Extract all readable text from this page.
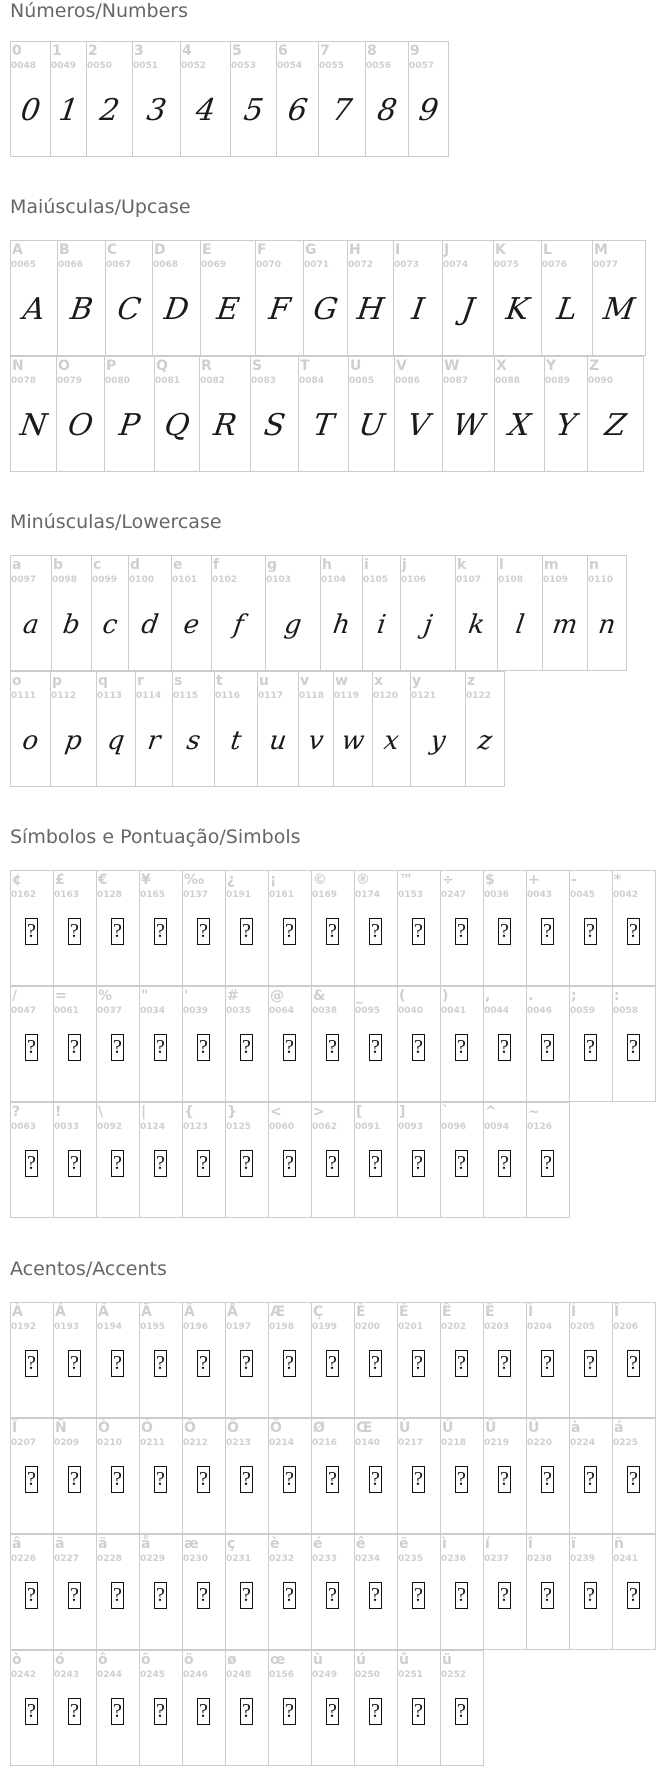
Números/Numbers
0
0048
0
1
0049
1
2
0050
2
3
0051
3
4
0052
4
5
0053
5
6
0054
6
7
0055
7
8
0056
8
9
0057
9
Maiúsculas/Upcase
A
0065
A
B
0066
B
C
0067
C
D
0068
D
E
0069
E
F
0070
F
G
0071
G
H
0072
H
I
0073
I
J
0074
J
K
0075
K
L
0076
L
M
0077
M
N
0078
N
O
0079
O
P
0080
P
Q
0081
Q
R
0082
R
S
0083
S
T
0084
T
U
0085
U
V
0086
V
W
0087
W
X
0088
X
Y
0089
Y
Z
0090
Z
Minúsculas/Lowercase
a
0097
a
b
0098
b
c
0099
c
d
0100
d
e
0101
e
f
0102
f
g
0103
g
h
0104
h
i
0105
i
j
0106
j
k
0107
k
l
0108
l
m
0109
m
n
0110
n
o
0111
o
p
0112
p
q
0113
q
r
0114
r
s
0115
s
t
0116
t
u
0117
u
v
0118
v
w
0119
w
x
0120
x
y
0121
y
z
0122
z
Símbolos e Pontuação/Simbols
¢
0162
?
£
0163
?
€
0128
?
¥
0165
?
‰
0137
?
¿
0191
?
¡
0161
?
©
0169
?
®
0174
?
™
0153
?
÷
0247
?
$
0036
?
+
0043
?
-
0045
?
*
0042
?
/
0047
?
=
0061
?
%
0037
?
"
0034
?
'
0039
?
#
0035
?
@
0064
?
&
0038
?
_
0095
?
(
0040
?
)
0041
?
,
0044
?
.
0046
?
;
0059
?
:
0058
?
?
0063
?
!
0033
?
\
0092
?
|
0124
?
{
0123
?
}
0125
?
<
0060
?
>
0062
?
[
0091
?
]
0093
?
`
0096
?
^
0094
?
~
0126
?
Acentos/Accents
À
0192
?
Á
0193
?
Â
0194
?
Ã
0195
?
Ä
0196
?
Å
0197
?
Æ
0198
?
Ç
0199
?
È
0200
?
É
0201
?
Ê
0202
?
Ë
0203
?
Ì
0204
?
Í
0205
?
Î
0206
?
Ï
0207
?
Ñ
0209
?
Ò
0210
?
Ó
0211
?
Ô
0212
?
Õ
0213
?
Ö
0214
?
Ø
0216
?
Œ
0140
?
Ù
0217
?
Ú
0218
?
Û
0219
?
Ü
0220
?
à
0224
?
á
0225
?
â
0226
?
ã
0227
?
ä
0228
?
å
0229
?
æ
0230
?
ç
0231
?
è
0232
?
é
0233
?
ê
0234
?
ë
0235
?
ì
0236
?
í
0237
?
î
0238
?
ï
0239
?
ñ
0241
?
ò
0242
?
ó
0243
?
ô
0244
?
õ
0245
?
ö
0246
?
ø
0248
?
œ
0156
?
ù
0249
?
ú
0250
?
û
0251
?
ü
0252
?
